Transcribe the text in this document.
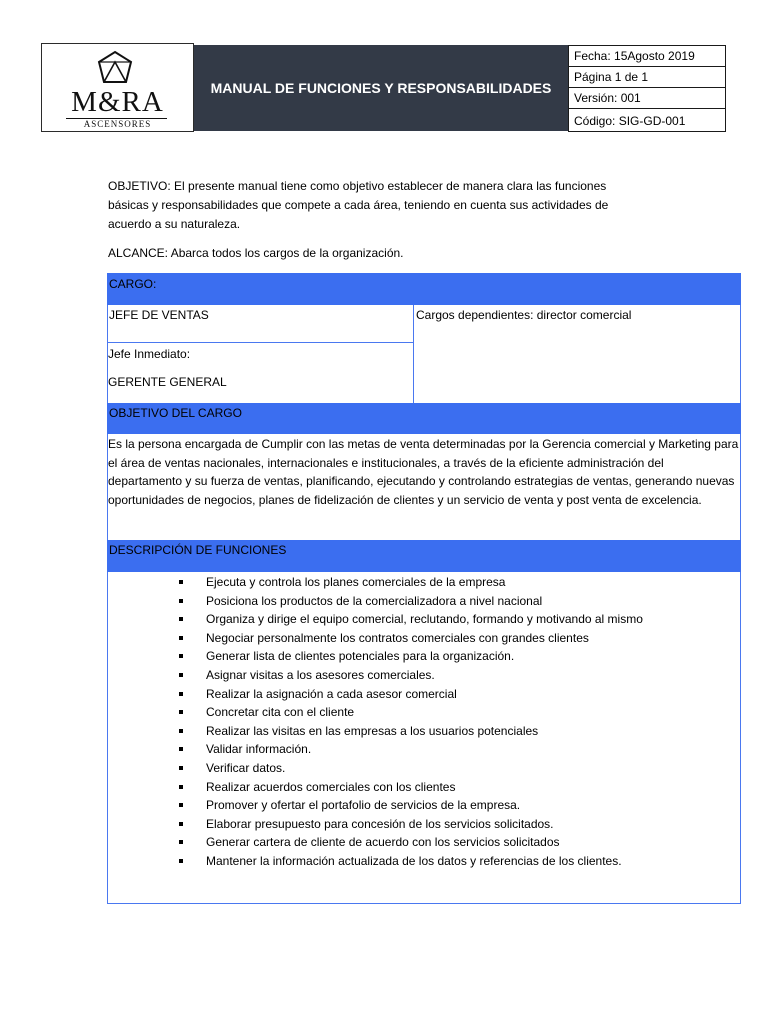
M&RA
ASCENSORES
MANUAL DE FUNCIONES Y RESPONSABILIDADES
Fecha: 15Agosto 2019
Página 1 de 1
Versión: 001
Código: SIG-GD-001
OBJETIVO: El presente manual tiene como objetivo establecer de manera clara las funciones básicas y responsabilidades que compete a cada área, teniendo en cuenta sus actividades de acuerdo a su naturaleza.
ALCANCE: Abarca todos los cargos de la organización.
CARGO:
JEFE DE VENTAS
Jefe Inmediato:
GERENTE GENERAL
Cargos dependientes: director comercial
OBJETIVO DEL CARGO
Es la persona encargada de Cumplir con las metas de venta determinadas por la Gerencia comercial y Marketing para el área de ventas nacionales, internacionales e institucionales, a través de la eficiente administración del departamento y su fuerza de ventas, planificando, ejecutando y controlando estrategias de ventas, generando nuevas oportunidades de negocios, planes de fidelización de clientes y un servicio de venta y post venta de excelencia.
DESCRIPCIÓN DE FUNCIONES
Ejecuta y controla los planes comerciales de la empresa
Posiciona los productos de la comercializadora a nivel nacional
Organiza y dirige el equipo comercial, reclutando, formando y motivando al mismo
Negociar personalmente los contratos comerciales con grandes clientes
Generar lista de clientes potenciales para la organización.
Asignar visitas a los asesores comerciales.
Realizar la asignación a cada asesor comercial
Concretar cita con el cliente
Realizar las visitas en las empresas a los usuarios potenciales
Validar información.
Verificar datos.
Realizar acuerdos comerciales con los clientes
Promover y ofertar el portafolio de servicios de la empresa.
Elaborar presupuesto para concesión de los servicios solicitados.
Generar cartera de cliente de acuerdo con los servicios solicitados
Mantener la información actualizada de los datos y referencias de los clientes.
